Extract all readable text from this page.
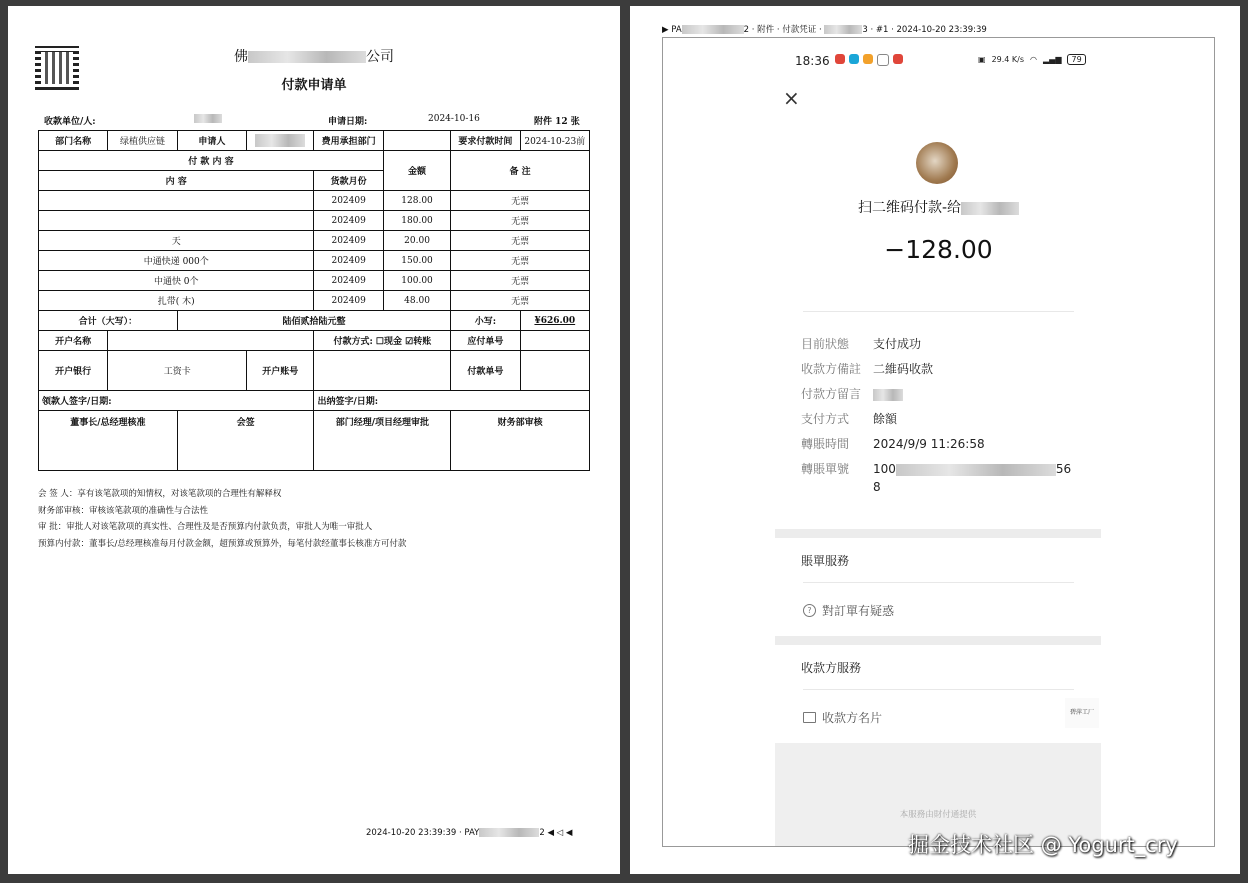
佛	公司
付款申请单
收款单位/人:	申请日期:	2024-10-16	附件 12 张
部门名称	绿植供应链	申请人		费用承担部门		要求付款时间	2024-10-23前
付 款 内 容					金额	备 注	
内 容				货款月份			
				202409	128.00	无票	
				202409	180.00	无票	
天				202409	20.00	无票	
中通快递 000个				202409	150.00	无票	
中通快 0个				202409	100.00	无票	
扎带( 木)				202409	48.00	无票	
合计（大写）：		陆佰贰拾陆元整				小写:	¥626.00
开户名称				付款方式: ☐现金 ☑转账		应付单号	
开户银行	工资卡		开户账号			付款单号	
领款人签字/日期:				出纳签字/日期:			
董事长/总经理核准		会签		部门经理/项目经理审批		财务部审核	
会 签 人：享有该笔款项的知情权，对该笔款项的合理性有解释权
财务部审核：审核该笔款项的准确性与合法性
审 批：审批人对该笔款项的真实性、合理性及是否预算内付款负责，审批人为唯一审批人
预算内付款：董事长/总经理核准每月付款金额，超预算或预算外，每笔付款经董事长核准方可付款
2024-10-20 23:39:39 · PAY	2 ◀ ◁ ◀
▶ PA	2 · 附件 · 付款凭证 ·	3 · #1 · 2024-10-20 23:39:39
18:36	▣ 29.4 K/s ◠ ▂▄▆	79
×
扫二维码付款-给
−128.00
目前狀態 支付成功
收款方備註 二維码收款
付款方留言
支付方式 餘額
轉賬時間 2024/9/9 11:26:58
轉賬單號 100	56
8
賬單服務
? 對訂單有疑惑
收款方服務
收款方名片	碧萍工厂
本服務由財付通提供
掘金技术社区 @ Yogurt_cry
